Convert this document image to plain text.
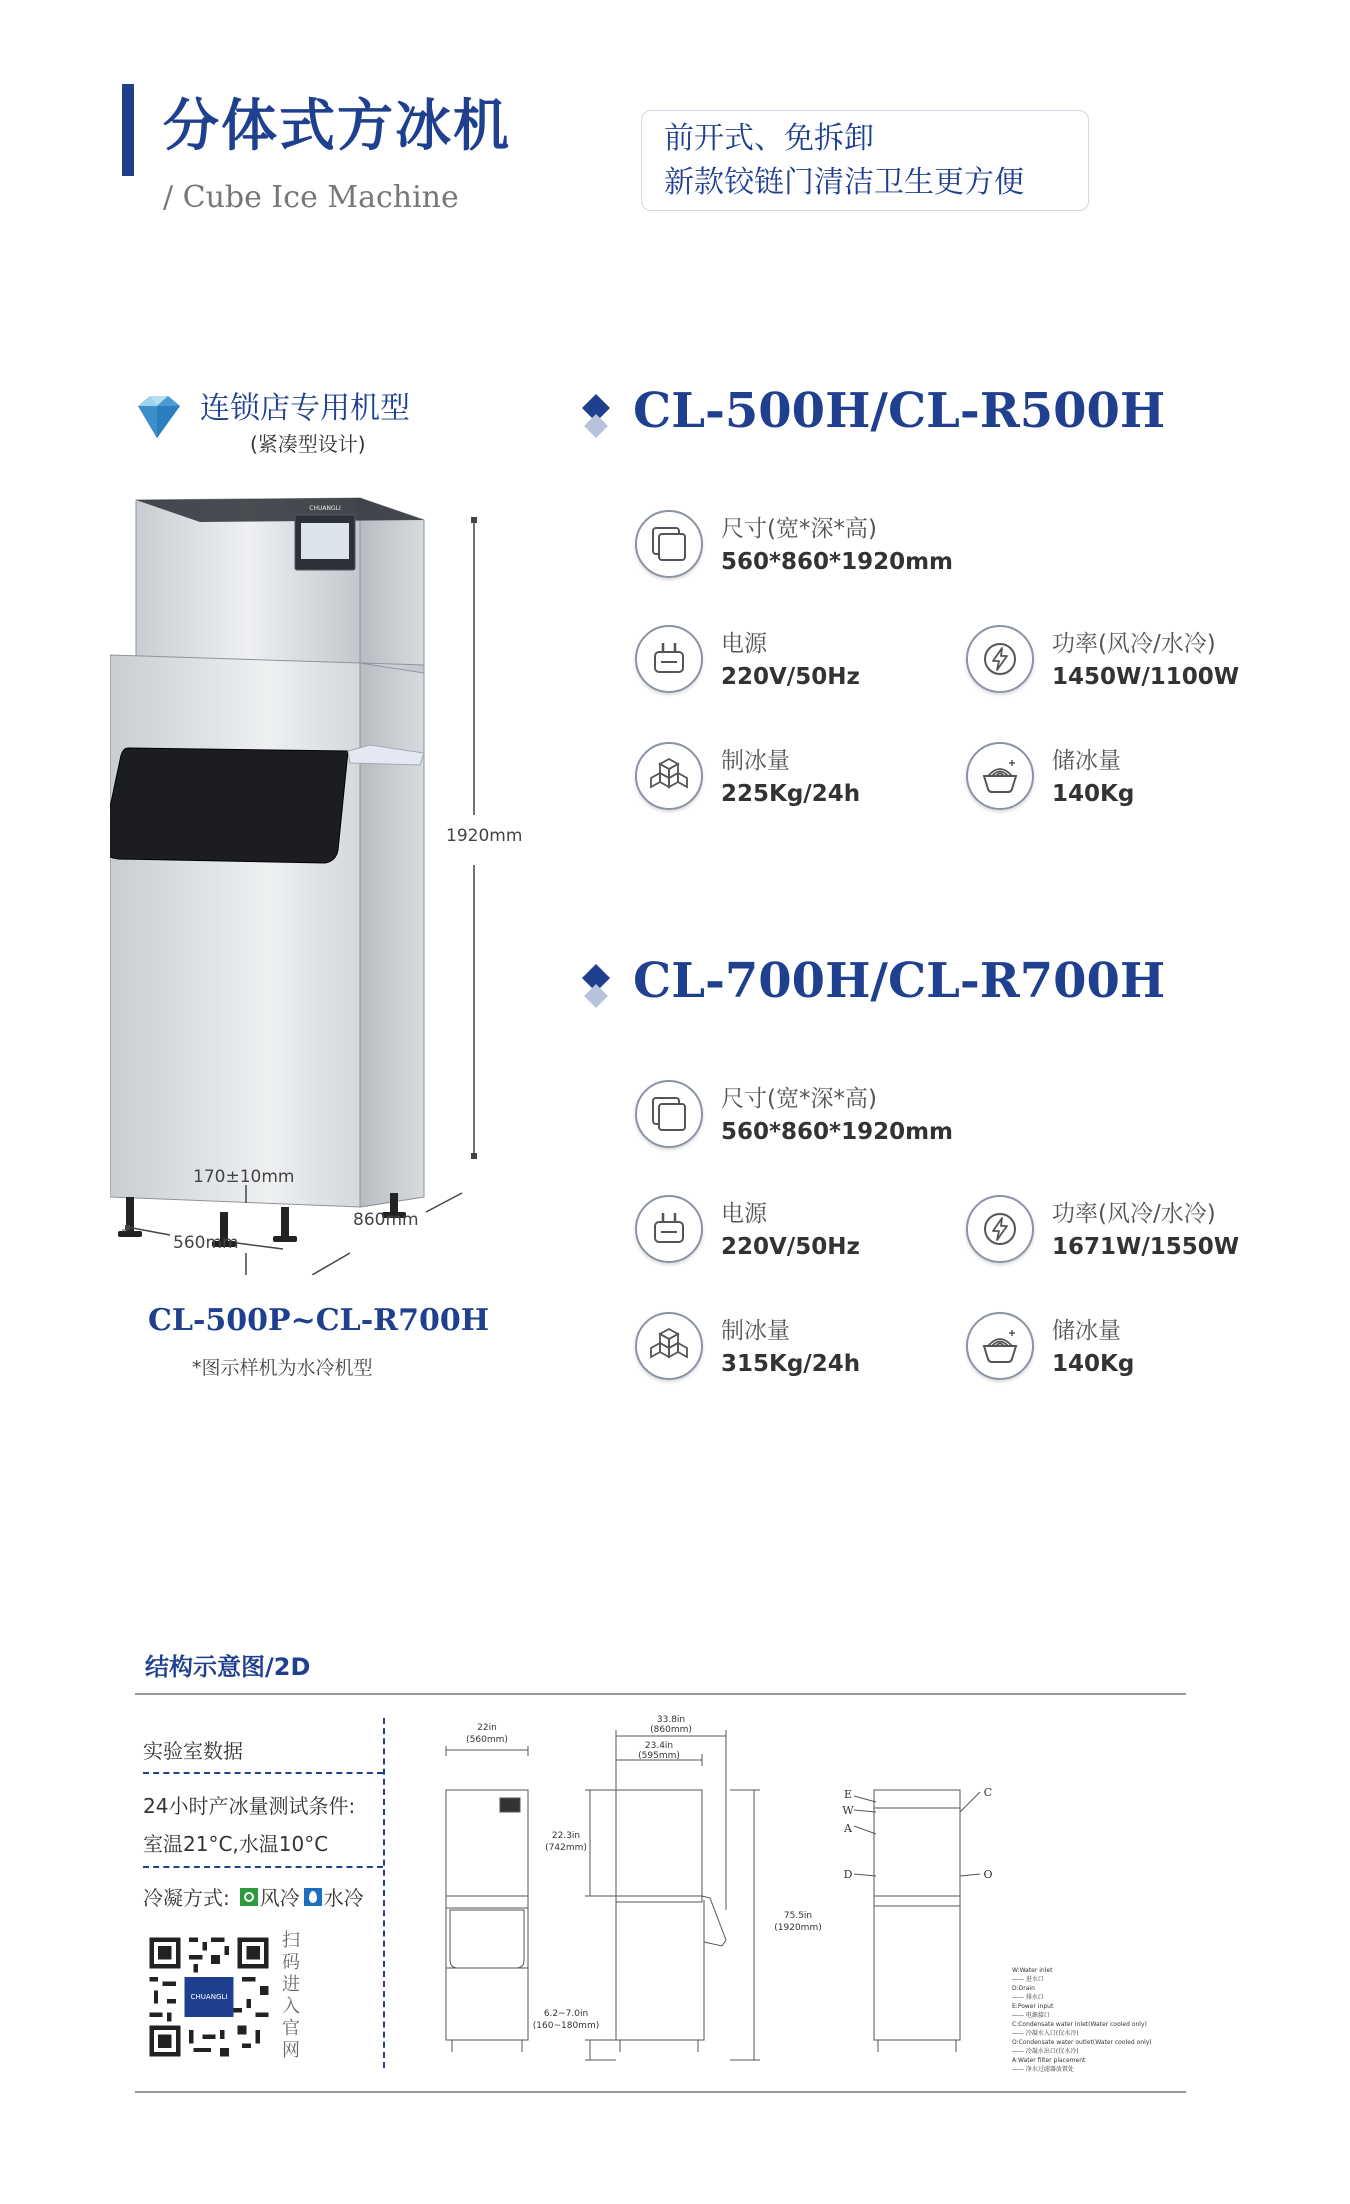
分体式方冰机
/ Cube Ice Machine
前开式、免拆卸
新款铰链门清洁卫生更方便
连锁店专用机型
(紧凑型设计)
CHUANGLI
1920mm
170±10mm
860mm
560mm
CL-500P~CL-R700H
*图示样机为水冷机型
CL-500H/CL-R500H
尺寸(宽*深*高)
560*860*1920mm
电源
220V/50Hz
功率(风冷/水冷)
1450W/1100W
制冰量
225Kg/24h
储冰量
140Kg
CL-700H/CL-R700H
尺寸(宽*深*高)
560*860*1920mm
电源
220V/50Hz
功率(风冷/水冷)
1671W/1550W
制冰量
315Kg/24h
储冰量
140Kg
结构示意图/2D
实验室数据
24小时产冰量测试条件:
室温21°C,水温10°C
冷凝方式: 风冷 水冷
CHUANGLI
扫码进入官网
22in
(560mm)
33.8in
(860mm)
23.4in
(595mm)
22.3in
(742mm)
75.5in
(1920mm)
6.2~7.0in
(160~180mm)
E
W
A
D
C
O
W:Water inlet
—— 进水口
D:Drain
—— 排水口
E:Power input
—— 电源接口
C:Condensate water inlet(Water cooled only)
—— 冷凝水入口(仅水冷)
O:Condensate water outlet(Water cooled only)
—— 冷凝水出口(仅水冷)
A:Water filter placement
—— 净水过滤器放置处
